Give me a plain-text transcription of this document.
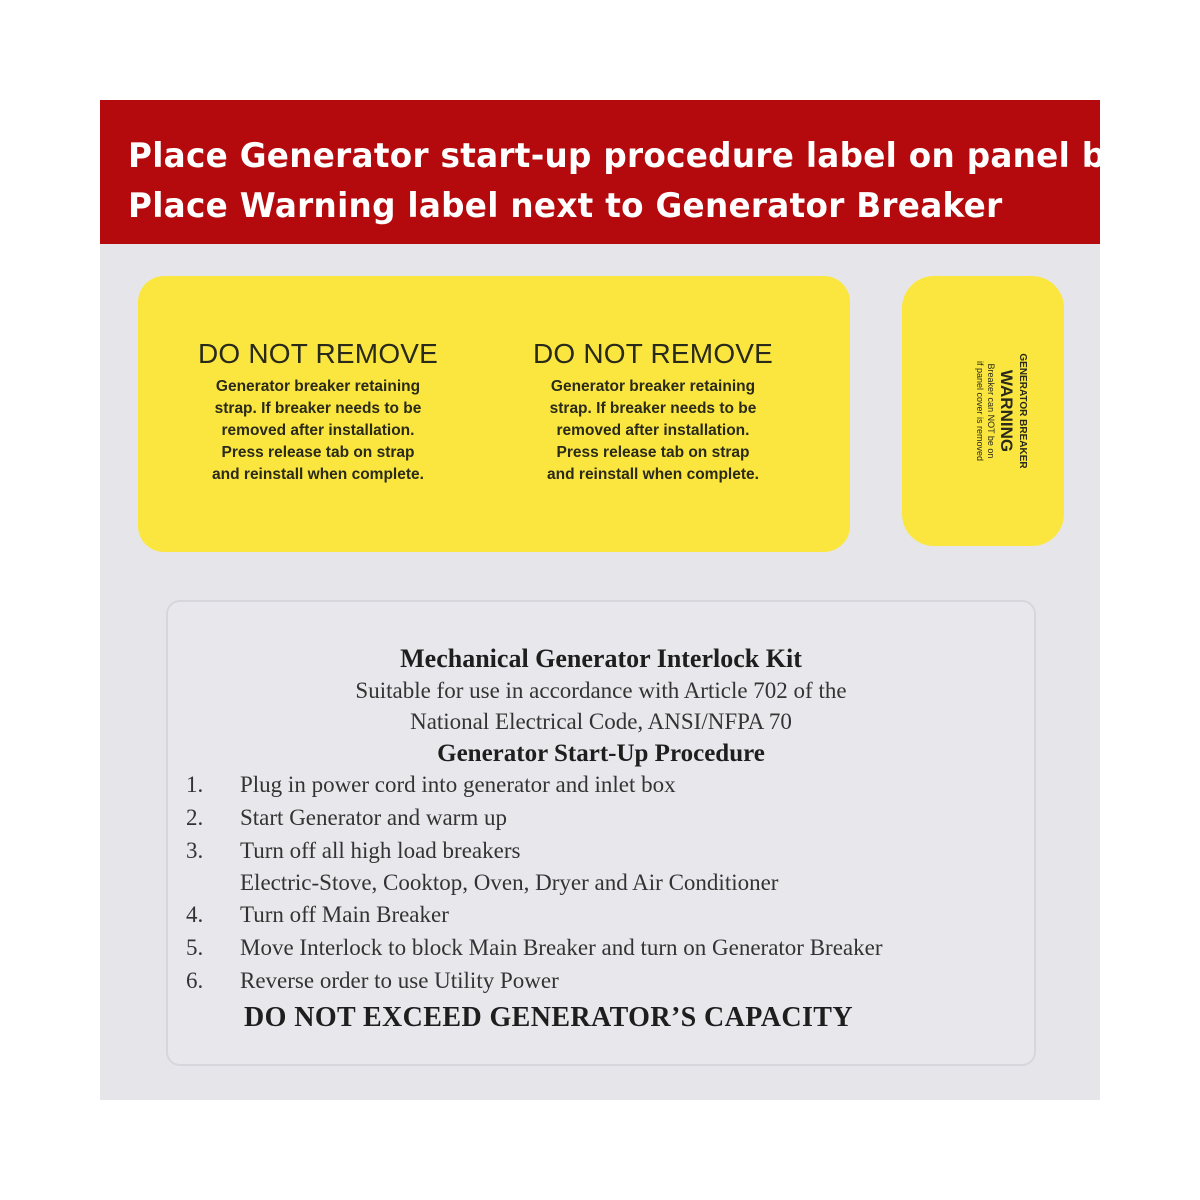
Place Generator start-up procedure label on panel box
Place Warning label next to Generator Breaker
DO NOT REMOVE
Generator breaker retaining
strap. If breaker needs to be
removed after installation.
Press release tab on strap
and reinstall when complete.
DO NOT REMOVE
Generator breaker retaining
strap. If breaker needs to be
removed after installation.
Press release tab on strap
and reinstall when complete.
GENERATOR BREAKER
WARNING
Breaker can NOT be on
if panel cover is removed
Mechanical Generator Interlock Kit
Suitable for use in accordance with Article 702 of the
National Electrical Code, ANSI/NFPA 70
Generator Start-Up Procedure
1. Plug in power cord into generator and inlet box
2. Start Generator and warm up
3. Turn off all high load breakers
Electric-Stove, Cooktop, Oven, Dryer and Air Conditioner
4. Turn off Main Breaker
5. Move Interlock to block Main Breaker and turn on Generator Breaker
6. Reverse order to use Utility Power
DO NOT EXCEED GENERATOR’S CAPACITY
